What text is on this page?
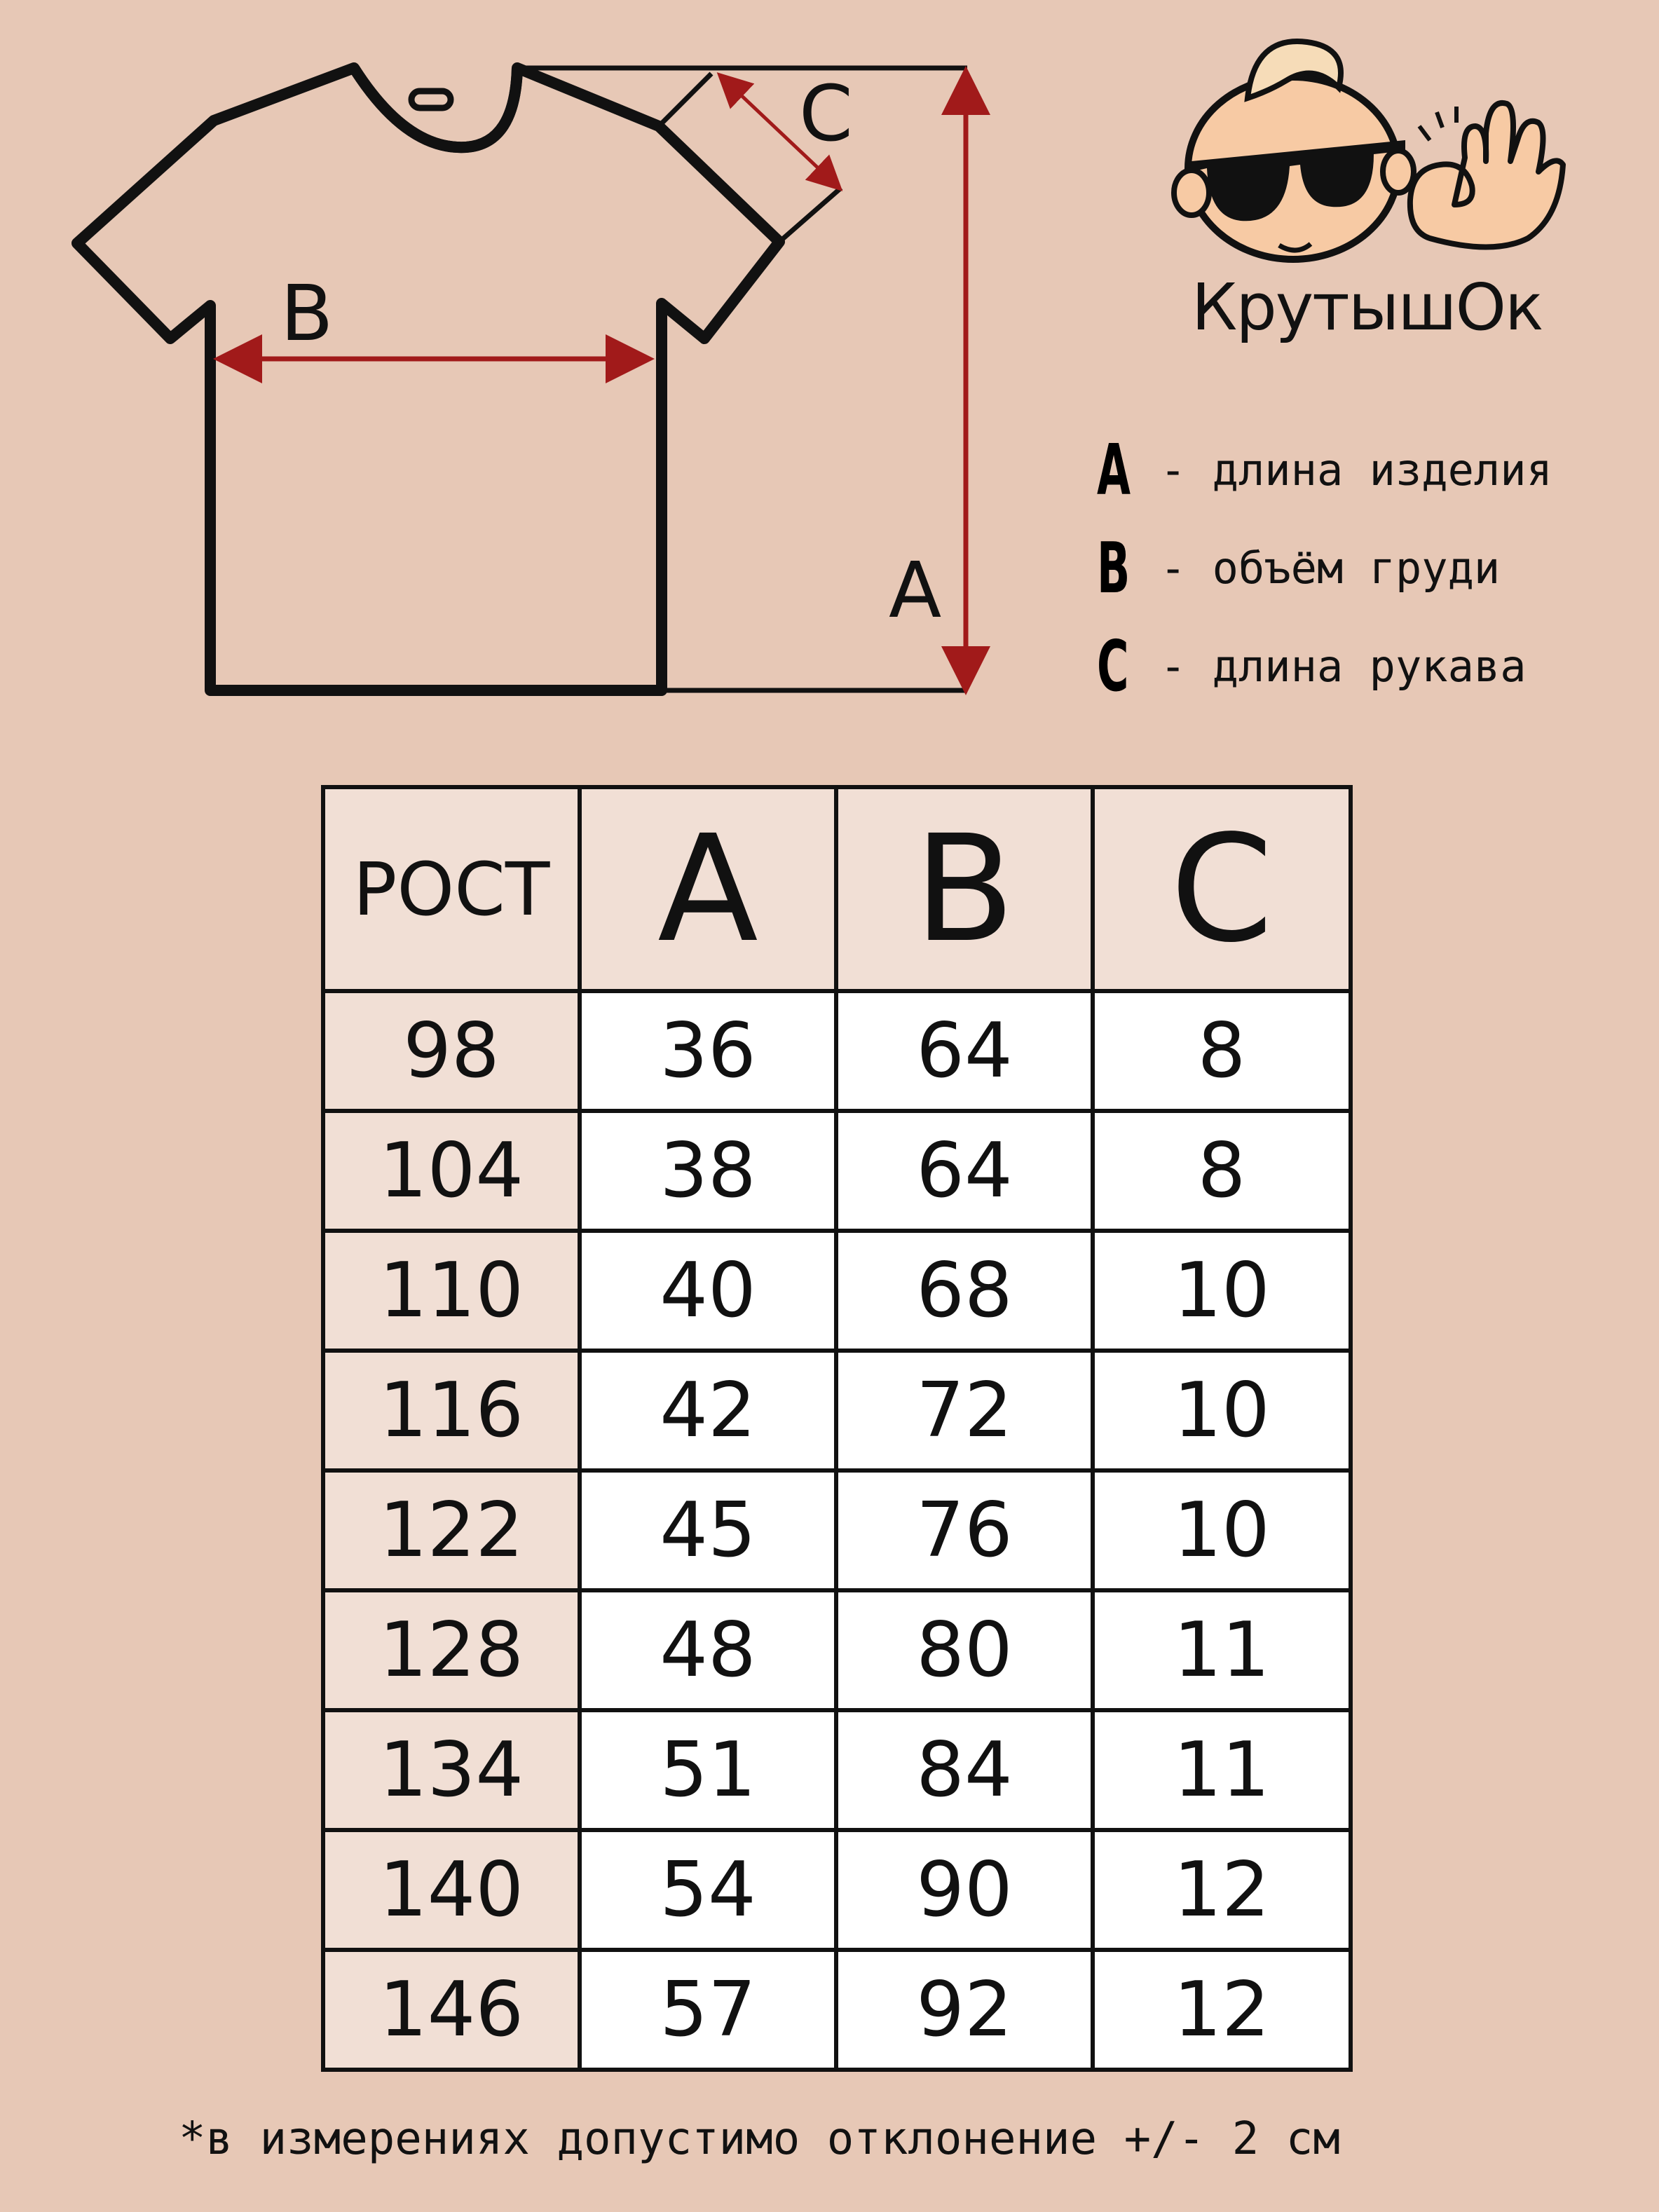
A
B
C
КрутышОк
A - длина изделия
B - объём груди
C - длина рукава
РОСТ	A	B	C
98	36	64	8
104	38	64	8
110	40	68	10
116	42	72	10
122	45	76	10
128	48	80	11
134	51	84	11
140	54	90	12
146	57	92	12
*в измерениях допустимо отклонение +/- 2 см
